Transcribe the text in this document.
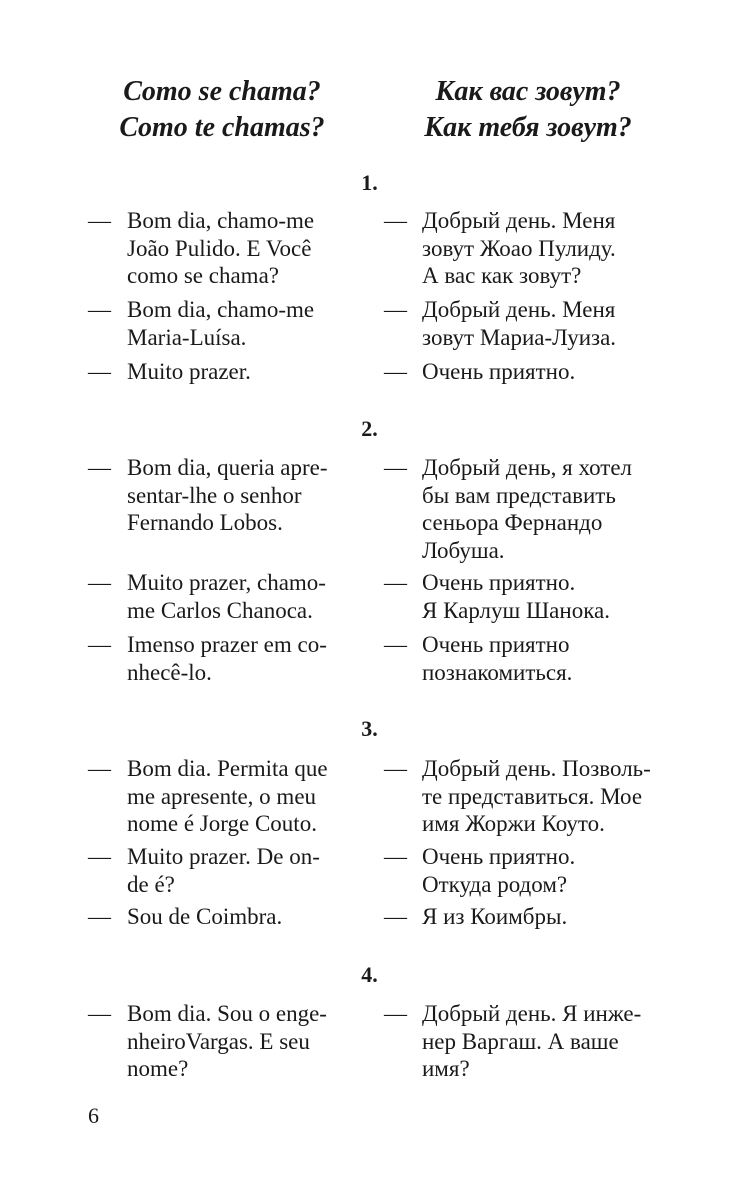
Como se chama?
Como te chamas?
Как вас зовут?
Как тебя зовут?
1.
— Bom dia, chamo-me
João Pulido. E Você
como se chama?
— Добрый день. Меня
зовут Жоао Пулиду.
А вас как зовут?
— Bom dia, chamo-me
Maria-Luísa.
— Добрый день. Меня
зовут Мариа-Луиза.
— Muito prazer.	— Очень приятно.
2.
— Bom dia, queria apre-
sentar-lhe o senhor
Fernando Lobos.
— Добрый день, я хотел
бы вам представить
сеньора Фернандо
Лобуша.
— Muito prazer, chamo-
me Carlos Chanoca.
— Очень приятно.
Я Карлуш Шанока.
— Imenso prazer em co-
nhecê-lo.
— Очень приятно
познакомиться.
3.
— Bom dia. Permita que
me apresente, o meu
nome é Jorge Couto.
— Добрый день. Позволь-
те представиться. Мое
имя Жоржи Коуто.
— Muito prazer. De on-
de é?
— Очень приятно.
Откуда родом?
— Sou de Coimbra.	— Я из Коимбры.
4.
— Bom dia. Sou o enge-
nheiroVargas. E seu
nome?
— Добрый день. Я инже-
нер Варгаш. А ваше
имя?
6
